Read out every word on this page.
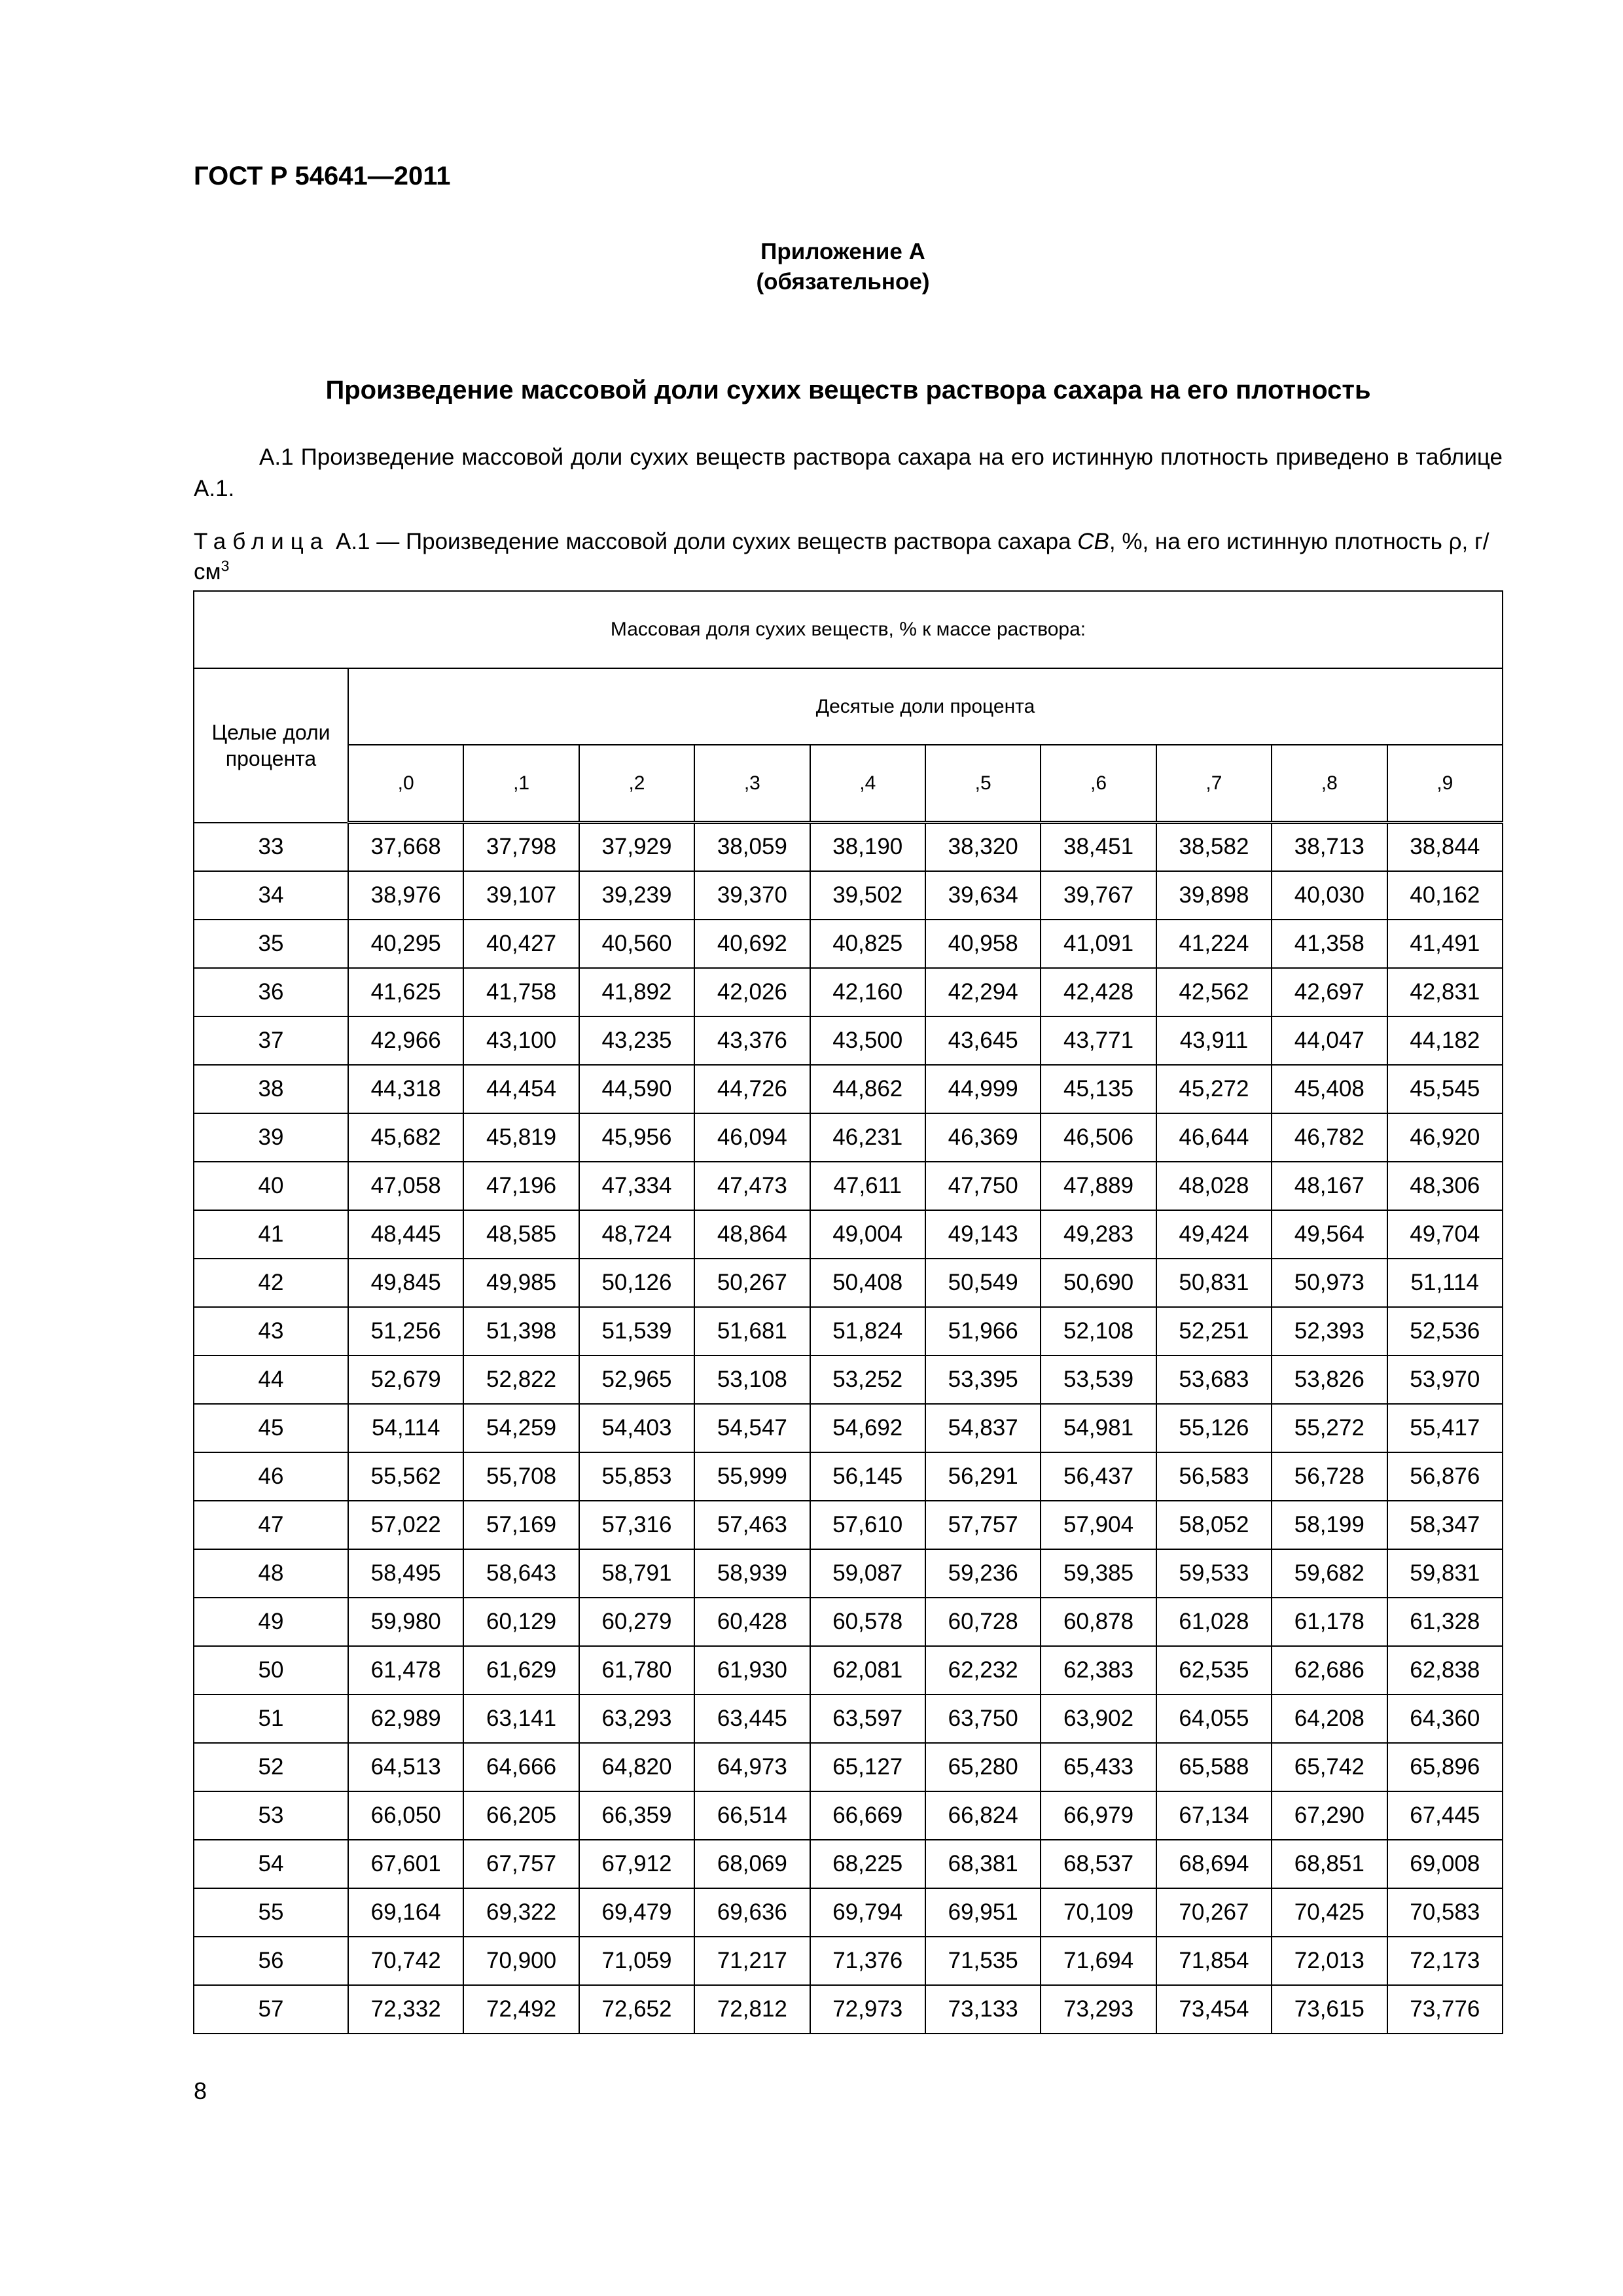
ГОСТ Р 54641—2011
Приложение А
(обязательное)
Произведение массовой доли сухих веществ раствора сахара на его плотность
А.1 Произведение массовой доли сухих веществ раствора сахара на его истинную плотность приведено в таблице А.1.
Таблица А.1 — Произведение массовой доли сухих веществ раствора сахара CB, %, на его истинную плотность ρ, г/ $см^3$
Массовая доля сухих веществ, % к массе раствора:										
Целые доли процента	Десятые доли процента									
	,0	,1	,2	,3	,4	,5	,6	,7	,8	,9
33	37,668	37,798	37,929	38,059	38,190	38,320	38,451	38,582	38,713	38,844
34	38,976	39,107	39,239	39,370	39,502	39,634	39,767	39,898	40,030	40,162
35	40,295	40,427	40,560	40,692	40,825	40,958	41,091	41,224	41,358	41,491
36	41,625	41,758	41,892	42,026	42,160	42,294	42,428	42,562	42,697	42,831
37	42,966	43,100	43,235	43,376	43,500	43,645	43,771	43,911	44,047	44,182
38	44,318	44,454	44,590	44,726	44,862	44,999	45,135	45,272	45,408	45,545
39	45,682	45,819	45,956	46,094	46,231	46,369	46,506	46,644	46,782	46,920
40	47,058	47,196	47,334	47,473	47,611	47,750	47,889	48,028	48,167	48,306
41	48,445	48,585	48,724	48,864	49,004	49,143	49,283	49,424	49,564	49,704
42	49,845	49,985	50,126	50,267	50,408	50,549	50,690	50,831	50,973	51,114
43	51,256	51,398	51,539	51,681	51,824	51,966	52,108	52,251	52,393	52,536
44	52,679	52,822	52,965	53,108	53,252	53,395	53,539	53,683	53,826	53,970
45	54,114	54,259	54,403	54,547	54,692	54,837	54,981	55,126	55,272	55,417
46	55,562	55,708	55,853	55,999	56,145	56,291	56,437	56,583	56,728	56,876
47	57,022	57,169	57,316	57,463	57,610	57,757	57,904	58,052	58,199	58,347
48	58,495	58,643	58,791	58,939	59,087	59,236	59,385	59,533	59,682	59,831
49	59,980	60,129	60,279	60,428	60,578	60,728	60,878	61,028	61,178	61,328
50	61,478	61,629	61,780	61,930	62,081	62,232	62,383	62,535	62,686	62,838
51	62,989	63,141	63,293	63,445	63,597	63,750	63,902	64,055	64,208	64,360
52	64,513	64,666	64,820	64,973	65,127	65,280	65,433	65,588	65,742	65,896
53	66,050	66,205	66,359	66,514	66,669	66,824	66,979	67,134	67,290	67,445
54	67,601	67,757	67,912	68,069	68,225	68,381	68,537	68,694	68,851	69,008
55	69,164	69,322	69,479	69,636	69,794	69,951	70,109	70,267	70,425	70,583
56	70,742	70,900	71,059	71,217	71,376	71,535	71,694	71,854	72,013	72,173
57	72,332	72,492	72,652	72,812	72,973	73,133	73,293	73,454	73,615	73,776
8
